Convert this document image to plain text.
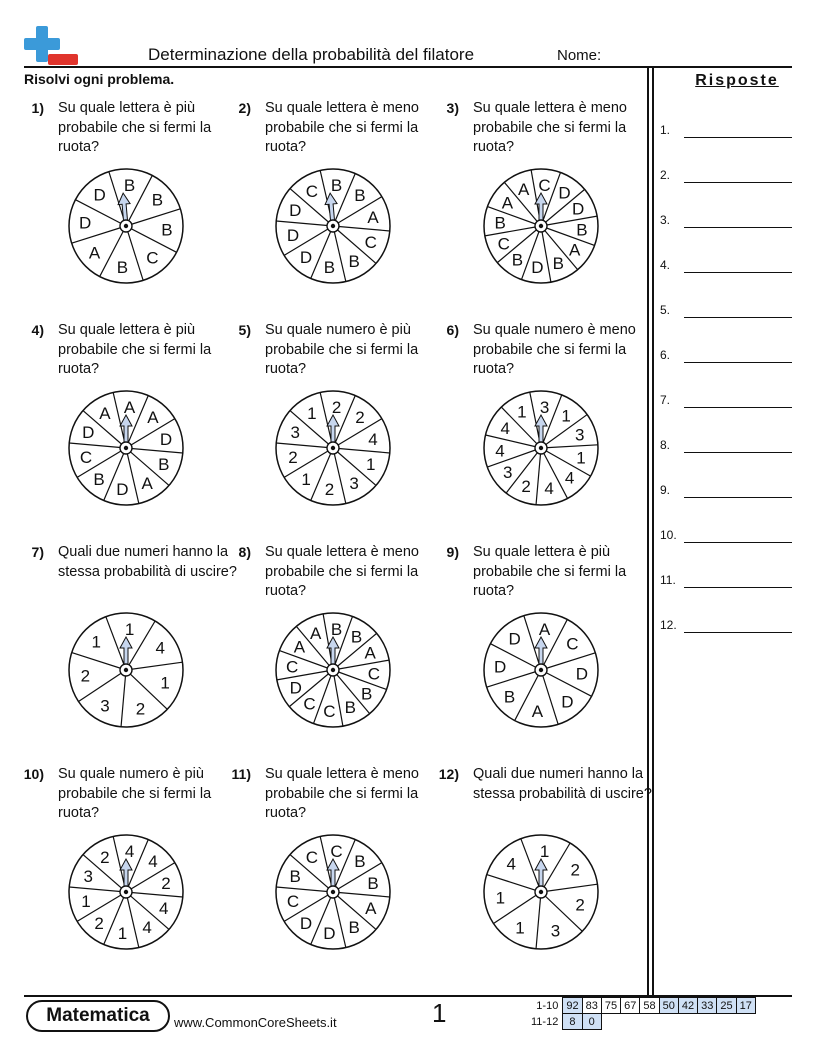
Determinazione della probabilità del filatore	Nome:
Risolvi ogni problema.	Risposte
1.
2.
3.
4.
5.
6.
7.
8.
9.
10.
11.
12.
1) Su quale lettera è più probabile che si fermi la ruota?
B
B
B
C
B
A
D
D
2) Su quale lettera è meno probabile che si fermi la ruota?
B
B
A
C
B
B
D
D
D
C
3) Su quale lettera è meno probabile che si fermi la ruota?
C D
D
B
A
B
D
B
C
B
A
A
4) Su quale lettera è più probabile che si fermi la ruota?
A
A
D
B
A
D
B
C
D
A
5) Su quale numero è più probabile che si fermi la ruota?
2
2
4
1
3
2
1
2
3
1
6) Su quale numero è meno probabile che si fermi la ruota?
3 1
3
1
4
4
2
3
4
4
1
7) Quali due numeri hanno la stessa probabilità di uscire?
1
4
1
2
3
2
1
8) Su quale lettera è meno probabile che si fermi la ruota?
B B
A
C
B
B
C
C
D
C
A
A
9) Su quale lettera è più probabile che si fermi la ruota?
A
C
D
D
A
B
D
D
10) Su quale numero è più probabile che si fermi la ruota?
4
4
2
4
4
1
2
1
3
2
11) Su quale lettera è meno probabile che si fermi la ruota?
C
B
B
A
B
D
D
C
B
C
12) Quali due numeri hanno la stessa probabilità di uscire?
1
2
2
3
1
1
4
Matematica	www.CommonCoreSheets.it	1	1-10	92	83	75	67	58	50	42	33	25	17
11-12	8	0								
